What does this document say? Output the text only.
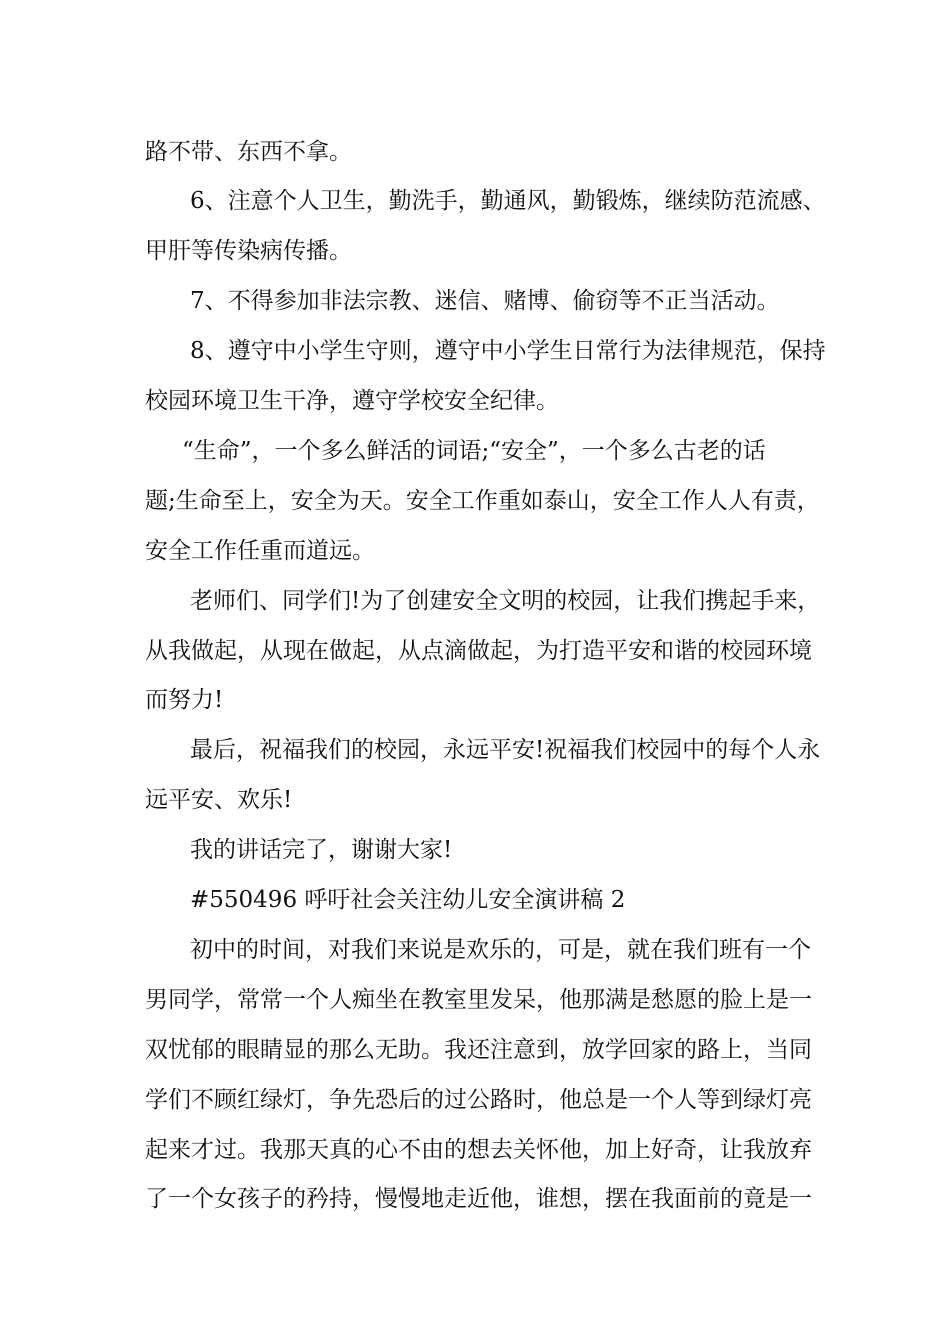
路不带、东西不拿。
6、注意个人卫生，勤洗手，勤通风，勤锻炼，继续防范流感、
甲肝等传染病传播。
7、不得参加非法宗教、迷信、赌博、偷窃等不正当活动。
8、遵守中小学生守则，遵守中小学生日常行为法律规范，保持
校园环境卫生干净，遵守学校安全纪律。
“生命”，一个多么鲜活的词语;“安全”，一个多么古老的话
题;生命至上，安全为天。安全工作重如泰山，安全工作人人有责，
安全工作任重而道远。
老师们、同学们!为了创建安全文明的校园，让我们携起手来，
从我做起，从现在做起，从点滴做起，为打造平安和谐的校园环境
而努力!
最后，祝福我们的校园，永远平安!祝福我们校园中的每个人永
远平安、欢乐!
我的讲话完了，谢谢大家!
#550496 呼吁社会关注幼儿安全演讲稿 2
初中的时间，对我们来说是欢乐的，可是，就在我们班有一个
男同学，常常一个人痴坐在教室里发呆，他那满是愁愿的脸上是一
双忧郁的眼睛显的那么无助。我还注意到，放学回家的路上，当同
学们不顾红绿灯，争先恐后的过公路时，他总是一个人等到绿灯亮
起来才过。我那天真的心不由的想去关怀他，加上好奇，让我放弃
了一个女孩子的矜持，慢慢地走近他，谁想，摆在我面前的竟是一
